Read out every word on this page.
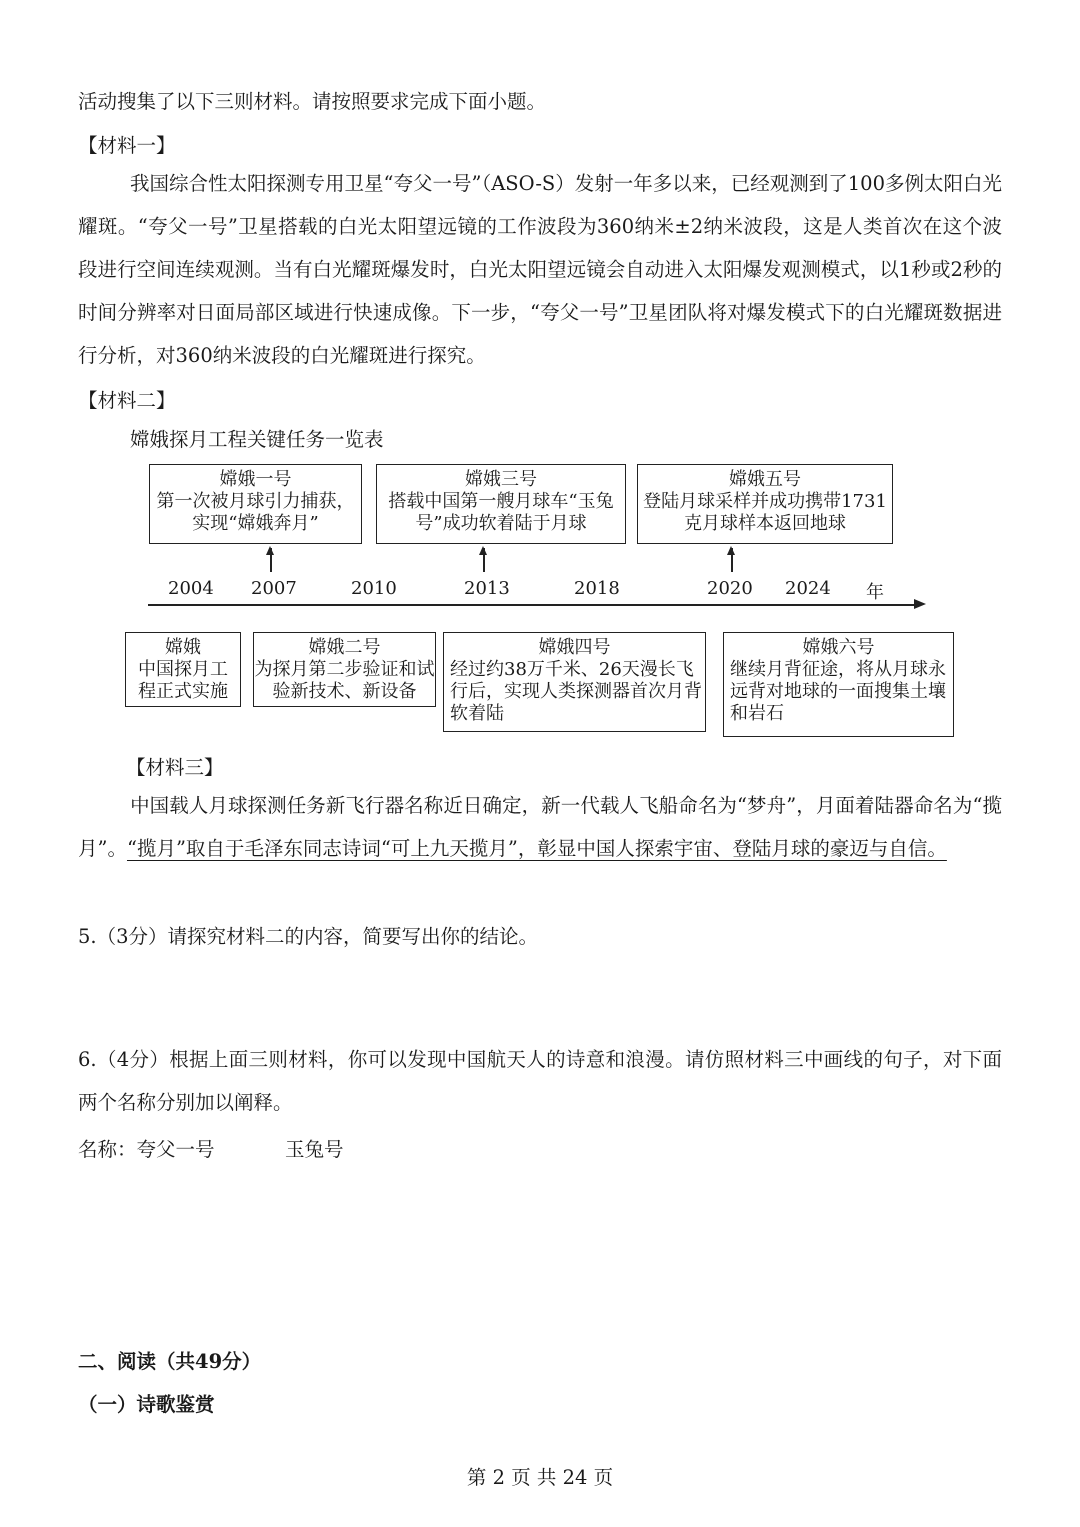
活动搜集了以下三则材料。请按照要求完成下面小题。
【材料一】
我国综合性太阳探测专用卫星“夸父一号”（ASO-S）发射一年多以来，已经观测到了100多例太阳白光耀斑。“夸父一号”卫星搭载的白光太阳望远镜的工作波段为360纳米±2纳米波段，这是人类首次在这个波段进行空间连续观测。当有白光耀斑爆发时，白光太阳望远镜会自动进入太阳爆发观测模式，以1秒或2秒的时间分辨率对日面局部区域进行快速成像。下一步，“夸父一号”卫星团队将对爆发模式下的白光耀斑数据进行分析，对360纳米波段的白光耀斑进行探究。
【材料二】
嫦娥探月工程关键任务一览表
嫦娥一号
第一次被月球引力捕获，实现“嫦娥奔月”
嫦娥三号
搭载中国第一艘月球车“玉兔号”成功软着陆于月球
嫦娥五号
登陆月球采样并成功携带1731克月球样本返回地球
2004 2007	2010	2013	2018	2020 2024 年
嫦娥
中国探月工程正式实施
嫦娥二号
为探月第二步验证和试验新技术、新设备
嫦娥四号
经过约38万千米、26天漫长飞行后，实现人类探测器首次月背软着陆
嫦娥六号
继续月背征途，将从月球永远背对地球的一面搜集土壤和岩石
【材料三】
中国载人月球探测任务新飞行器名称近日确定，新一代载人飞船命名为“梦舟”，月面着陆器命名为“揽月”。“揽月”取自于毛泽东同志诗词“可上九天揽月”，彰显中国人探索宇宙、登陆月球的豪迈与自信。
5.（3分）请探究材料二的内容，简要写出你的结论。
6.（4分）根据上面三则材料，你可以发现中国航天人的诗意和浪漫。请仿照材料三中画线的句子，对下面两个名称分别加以阐释。
名称：夸父一号	玉兔号
二、阅读（共49分）
（一）诗歌鉴赏
第 2 页 共 24 页
